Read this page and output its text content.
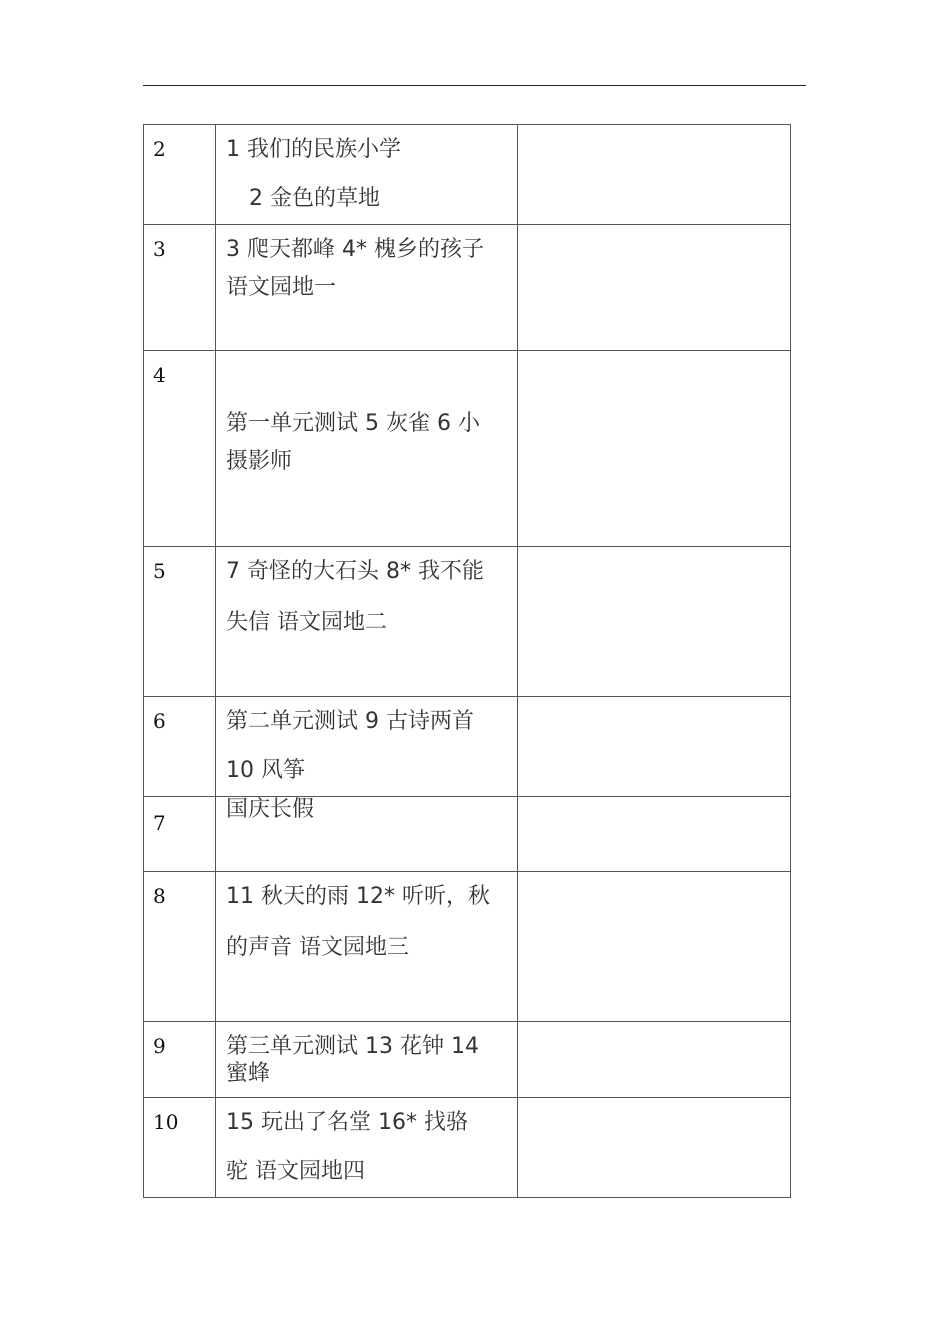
2	1 我们的民族小学
2 金色的草地	

3	3 爬天都峰 4* 槐乡的孩子
语文园地一	

4	第一单元测试 5 灰雀 6 小
摄影师	

5	7 奇怪的大石头 8* 我不能
失信 语文园地二	

6	第二单元测试 9 古诗两首
10 风筝	

7	国庆长假	

8	11 秋天的雨 12* 听听，秋
的声音 语文园地三	

9	第三单元测试 13 花钟 14
蜜蜂	

10	15 玩出了名堂 16* 找骆
驼 语文园地四	
